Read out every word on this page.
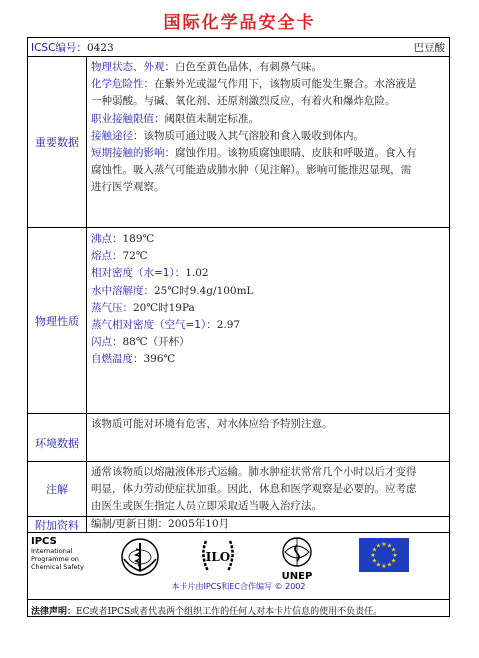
国际化学品安全卡
ICSC编号：0423	巴豆酸
重要数据
物理状态、外观：白色至黄色晶体，有刺鼻气味。
化学危险性：在紫外光或湿气作用下，该物质可能发生聚合。水溶液是
一种弱酸。与碱、氧化剂、还原剂激烈反应，有着火和爆炸危险。
职业接触限值：阈限值未制定标准。
接触途径：该物质可通过吸入其气溶胶和食入吸收到体内。
短期接触的影响：腐蚀作用。该物质腐蚀眼睛、皮肤和呼吸道。食入有
腐蚀性。吸入蒸气可能造成肺水肿（见注解）。影响可能推迟显现，需
进行医学观察。
物理性质
沸点：189℃
熔点：72℃
相对密度（水=1）：1.02
水中溶解度：25℃时9.4g/100mL
蒸气压：20℃时19Pa
蒸气相对密度（空气=1）：2.97
闪点：88℃（开杯）
自燃温度：396℃
环境数据
该物质可能对环境有危害，对水体应给予特别注意。
注解
通常该物质以熔融液体形式运输。肺水肿症状常常几个小时以后才变得
明显，体力劳动使症状加重。因此，休息和医学观察是必要的。应考虑
由医生或医生指定人员立即采取适当吸入治疗法。
附加资料	编制/更新日期：2005年10月
IPCS
International
Programme on
Chemical Safety
ILO
UNEP
★ ★
★
★
★
★
★
★
★
★
★
★
本卡片由IPCS和EC合作编写 © 2002
法律声明：EC或者IPCS或者代表两个组织工作的任何人对本卡片信息的使用不负责任。
